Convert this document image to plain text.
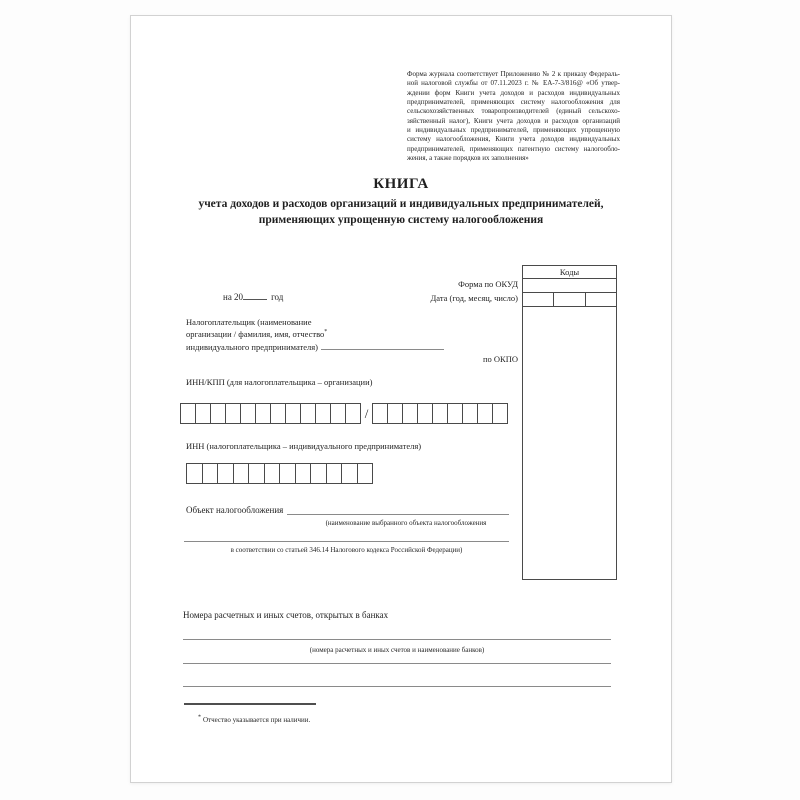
Форма журнала соответствует Приложению № 2 к приказу Федераль-
ной налоговой службы от 07.11.2023 г. № ЕА-7-3/816@ «Об утвер-
ждении форм Книги учета доходов и расходов индивидуальных
предпринимателей, применяющих систему налогообложения для
сельскохозяйственных товаропроизводителей (единый сельскохо-
зяйственный налог), Книги учета доходов и расходов организаций
и индивидуальных предпринимателей, применяющих упрощенную
систему налогообложения, Книги учета доходов индивидуальных
предпринимателей, применяющих патентную систему налогообло-
жения, а также порядков их заполнения»
КНИГА
учета доходов и расходов организаций и индивидуальных предпринимателей,
применяющих упрощенную систему налогообложения
Коды
Форма по ОКУД
Дата (год, месяц, число)
по ОКПО
на 20	год
Налогоплательщик (наименование
организации / фамилия, имя, отчество*
индивидуального предпринимателя)
ИНН/КПП (для налогоплательщика – организации)
/
ИНН (налогоплательщика – индивидуального предпринимателя)
Объект налогообложения
(наименование выбранного объекта налогообложения
в соответствии со статьей 346.14 Налогового кодекса Российской Федерации)
Номера расчетных и иных счетов, открытых в банках
(номера расчетных и иных счетов и наименование банков)
* Отчество указывается при наличии.
